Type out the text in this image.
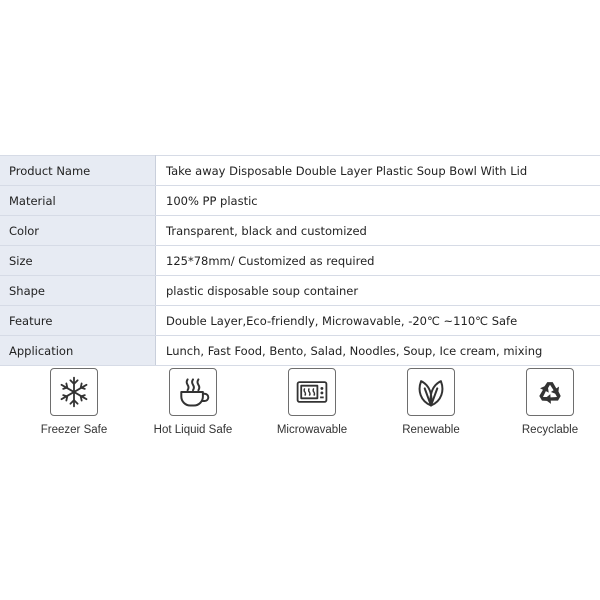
Product Name	Take away Disposable Double Layer Plastic Soup Bowl With Lid
Material	100% PP plastic
Color	Transparent, black and customized
Size	125*78mm/ Customized as required
Shape	plastic disposable soup container
Feature	Double Layer,Eco-friendly, Microwavable, -20℃ ~110℃ Safe
Application	Lunch, Fast Food, Bento, Salad, Noodles, Soup, Ice cream, mixing
Freezer Safe	Hot Liquid Safe	Microwavable	Renewable	Recyclable
